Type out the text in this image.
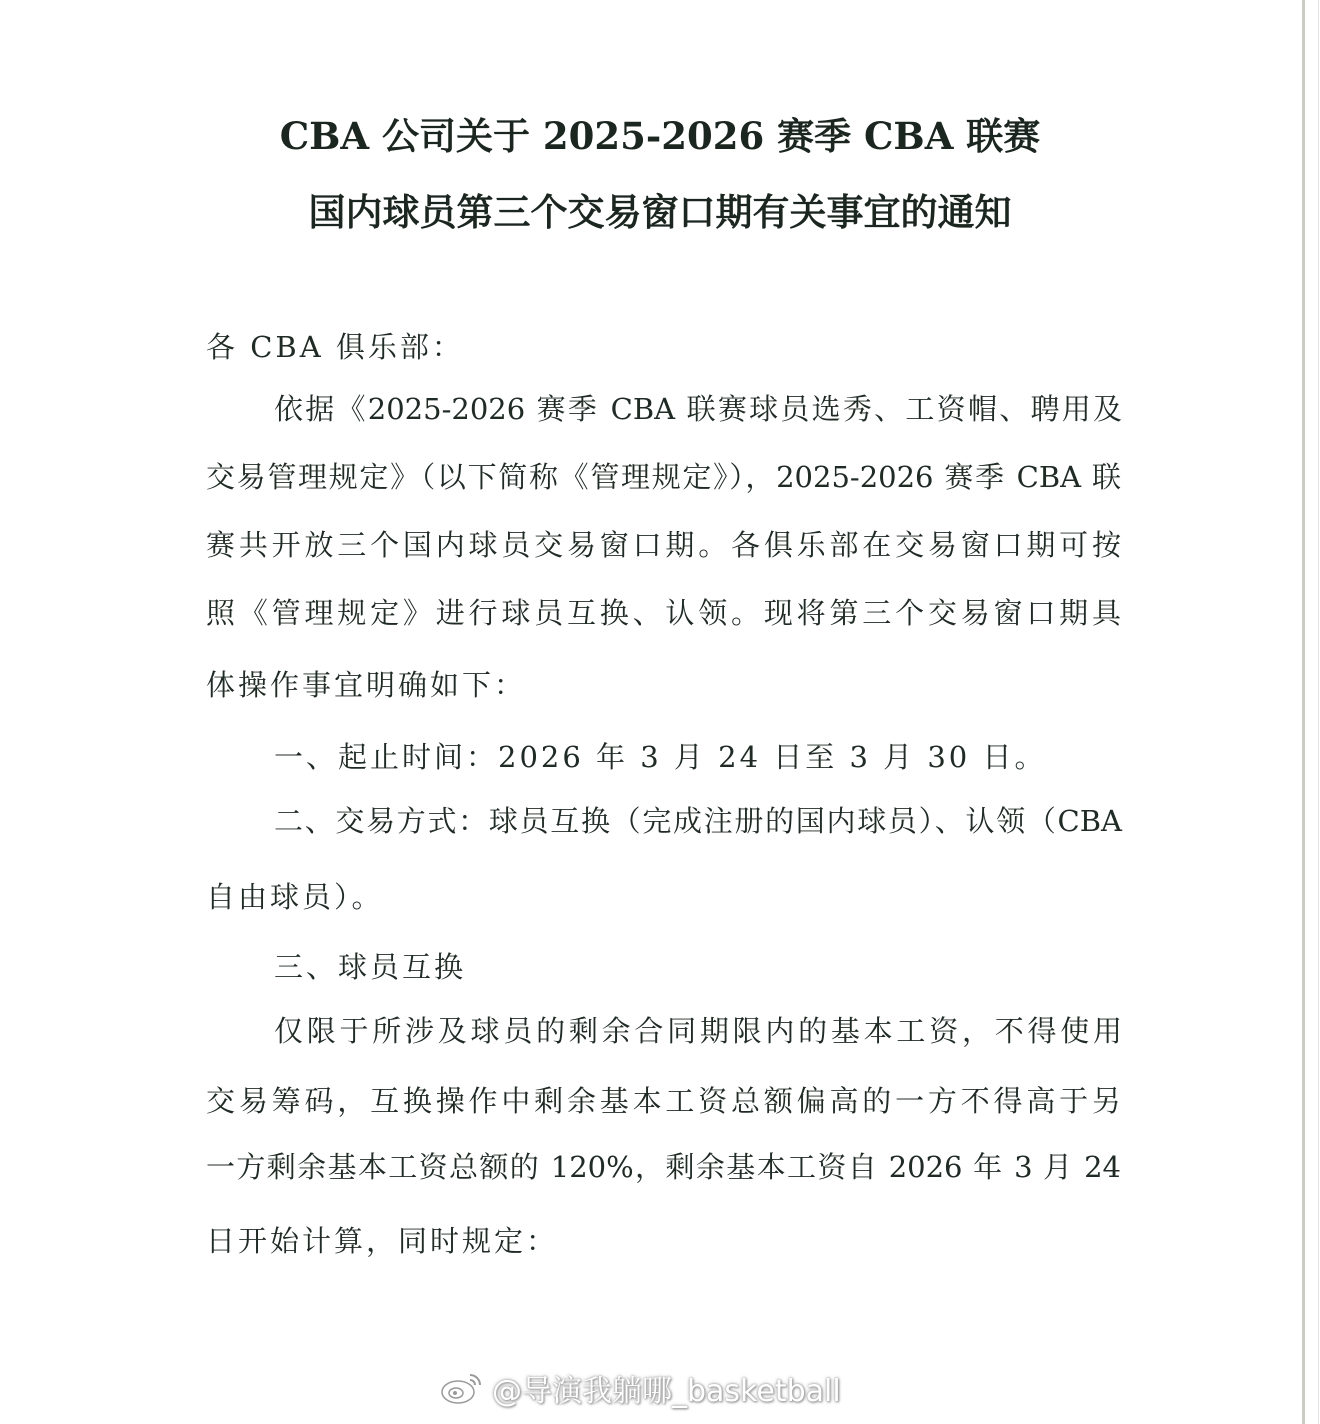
CBA 公司关于 2025-2026 赛季 CBA 联赛
国内球员第三个交易窗口期有关事宜的通知
各 CBA 俱乐部：
依据《2025-2026 赛季 CBA 联赛球员选秀、工资帽、聘用及
交易管理规定》（以下简称《管理规定》），2025-2026 赛季 CBA 联
赛共开放三个国内球员交易窗口期。各俱乐部在交易窗口期可按
照《管理规定》进行球员互换、认领。现将第三个交易窗口期具
体操作事宜明确如下：
一、起止时间：2026 年 3 月 24 日至 3 月 30 日。
二、交易方式：球员互换（完成注册的国内球员）、认领（CBA
自由球员）。
三、球员互换
仅限于所涉及球员的剩余合同期限内的基本工资，不得使用
交易筹码，互换操作中剩余基本工资总额偏高的一方不得高于另
一方剩余基本工资总额的 120%，剩余基本工资自 2026 年 3 月 24
日开始计算，同时规定：
@导演我躺哪_basketball
